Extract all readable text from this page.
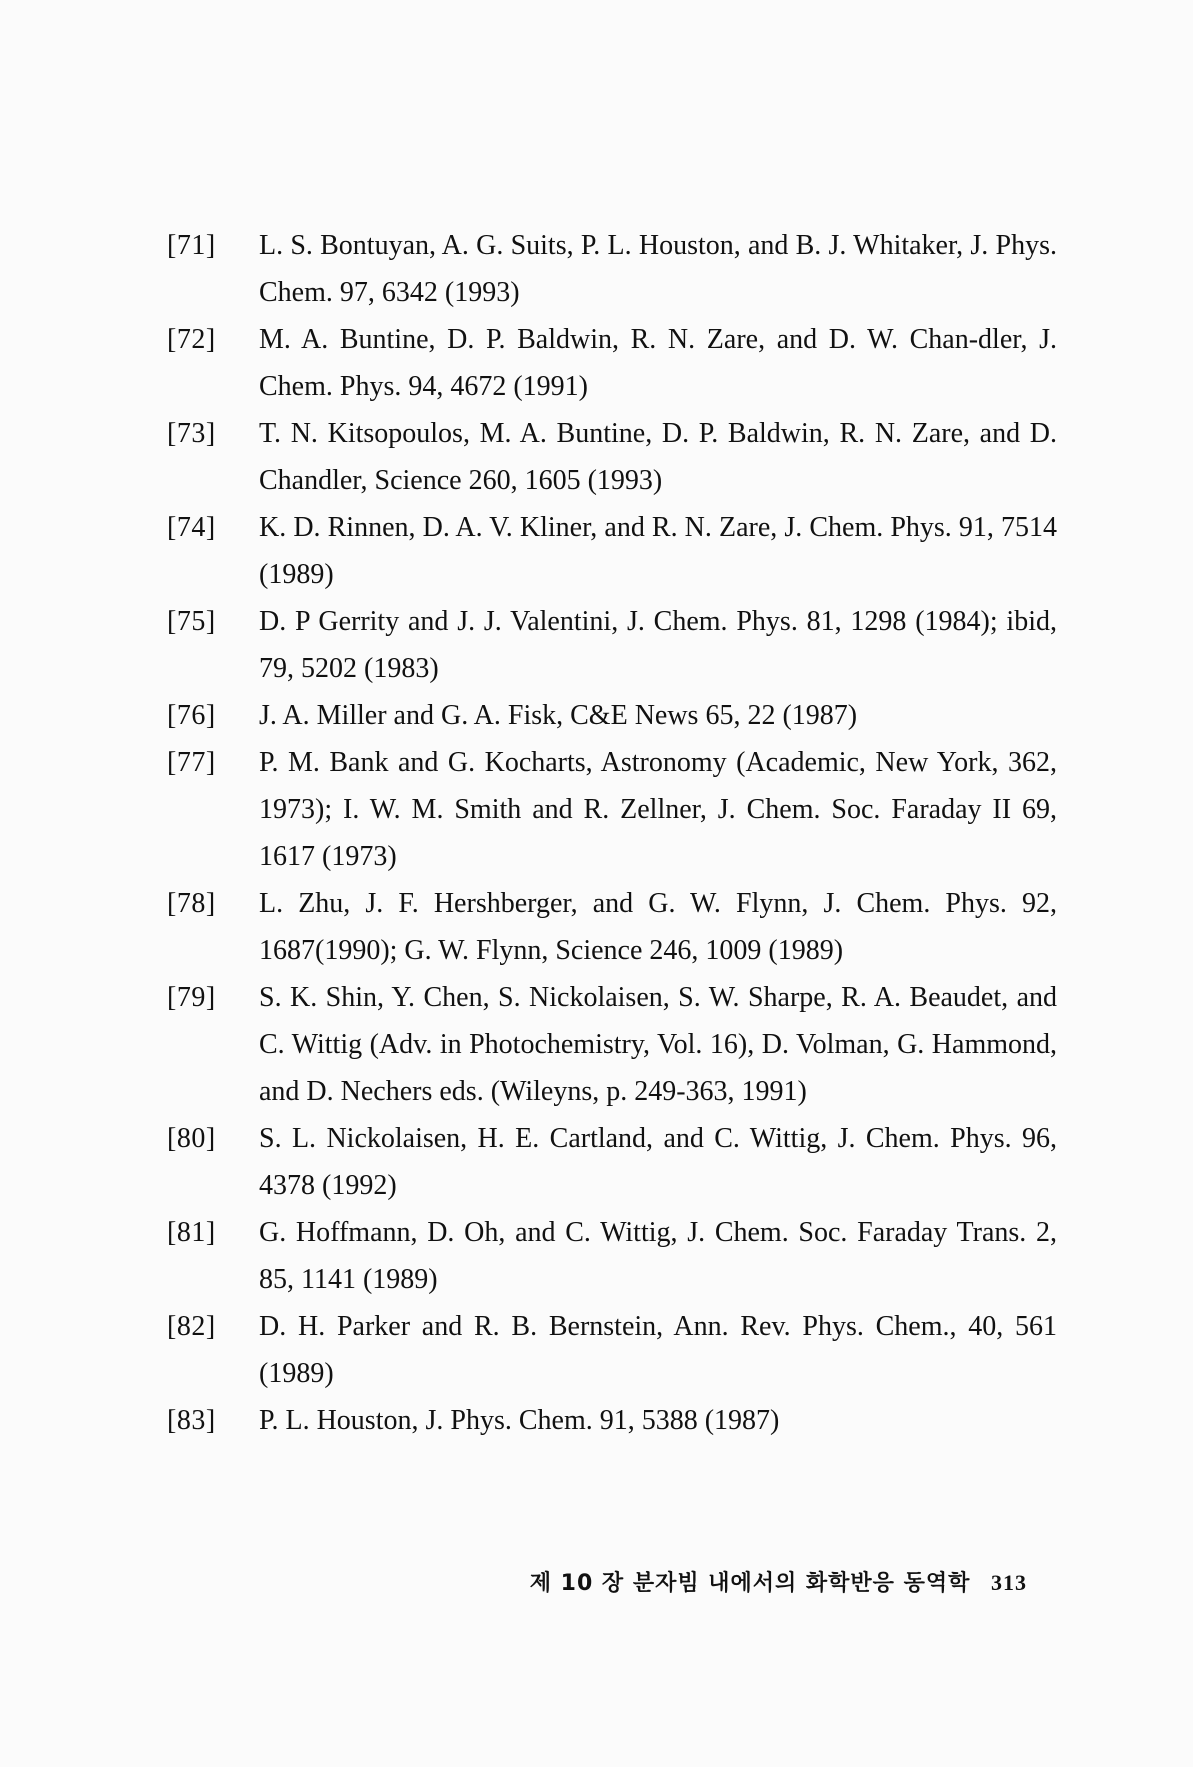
[71] L. S. Bontuyan, A. G. Suits, P. L. Houston, and B. J. Whitaker, J. Phys. Chem. 97, 6342 (1993)
[72] M. A. Buntine, D. P. Baldwin, R. N. Zare, and D. W. Chan-dler, J. Chem. Phys. 94, 4672 (1991)
[73] T. N. Kitsopoulos, M. A. Buntine, D. P. Baldwin, R. N. Zare, and D. Chandler, Science 260, 1605 (1993)
[74] K. D. Rinnen, D. A. V. Kliner, and R. N. Zare, J. Chem. Phys. 91, 7514 (1989)
[75] D. P Gerrity and J. J. Valentini, J. Chem. Phys. 81, 1298 (1984); ibid, 79, 5202 (1983)
[76] J. A. Miller and G. A. Fisk, C&E News 65, 22 (1987)
[77] P. M. Bank and G. Kocharts, Astronomy (Academic, New York, 362, 1973); I. W. M. Smith and R. Zellner, J. Chem. Soc. Faraday II 69, 1617 (1973)
[78] L. Zhu, J. F. Hershberger, and G. W. Flynn, J. Chem. Phys. 92, 1687(1990); G. W. Flynn, Science 246, 1009 (1989)
[79] S. K. Shin, Y. Chen, S. Nickolaisen, S. W. Sharpe, R. A. Beaudet, and C. Wittig (Adv. in Photochemistry, Vol. 16), D. Volman, G. Hammond, and D. Nechers eds. (Wileyns, p. 249-363, 1991)
[80] S. L. Nickolaisen, H. E. Cartland, and C. Wittig, J. Chem. Phys. 96, 4378 (1992)
[81] G. Hoffmann, D. Oh, and C. Wittig, J. Chem. Soc. Faraday Trans. 2, 85, 1141 (1989)
[82] D. H. Parker and R. B. Bernstein, Ann. Rev. Phys. Chem., 40, 561 (1989)
[83] P. L. Houston, J. Phys. Chem. 91, 5388 (1987)
제 10 장 분자빔 내에서의 화학반응 동역학 313
